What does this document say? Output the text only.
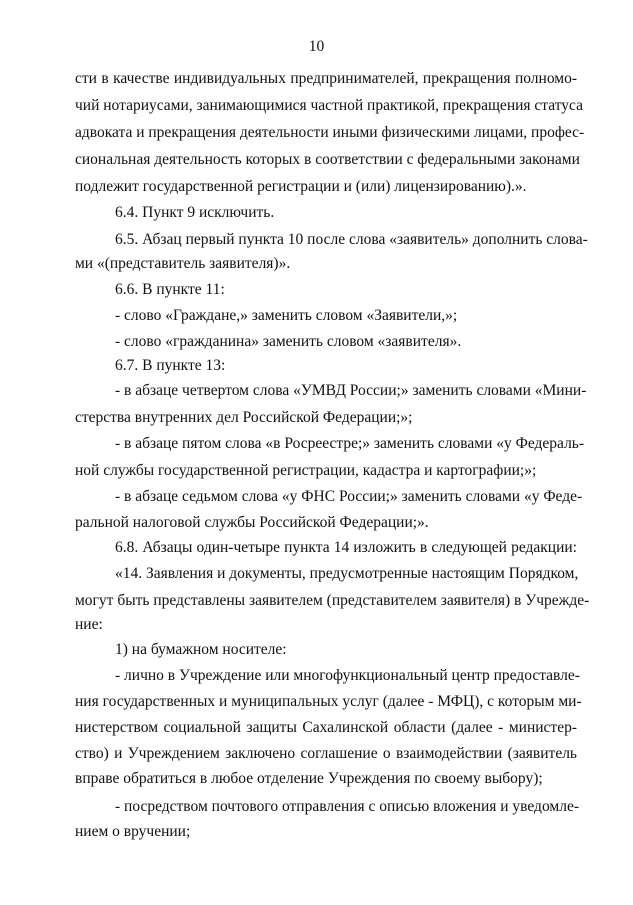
10
сти в качестве индивидуальных предпринимателей, прекращения полномо-
чий нотариусами, занимающимися частной практикой, прекращения статуса
адвоката и прекращения деятельности иными физическими лицами, профес-
сиональная деятельность которых в соответствии с федеральными законами
подлежит государственной регистрации и (или) лицензированию).».
6.4. Пункт 9 исключить.
6.5. Абзац первый пункта 10 после слова «заявитель» дополнить слова-
ми «(представитель заявителя)».
6.6. В пункте 11:
- слово «Граждане,» заменить словом «Заявители,»;
- слово «гражданина» заменить словом «заявителя».
6.7. В пункте 13:
- в абзаце четвертом слова «УМВД России;» заменить словами «Мини-
стерства внутренних дел Российской Федерации;»;
- в абзаце пятом слова «в Росреестре;» заменить словами «у Федераль-
ной службы государственной регистрации, кадастра и картографии;»;
- в абзаце седьмом слова «у ФНС России;» заменить словами «у Феде-
ральной налоговой службы Российской Федерации;».
6.8. Абзацы один-четыре пункта 14 изложить в следующей редакции:
«14. Заявления и документы, предусмотренные настоящим Порядком,
могут быть представлены заявителем (представителем заявителя) в Учрежде-
ние:
1) на бумажном носителе:
- лично в Учреждение или многофункциональный центр предоставле-
ния государственных и муниципальных услуг (далее - МФЦ), с которым ми-
нистерством социальной защиты Сахалинской области (далее - министер-
ство) и Учреждением заключено соглашение о взаимодействии (заявитель
вправе обратиться в любое отделение Учреждения по своему выбору);
- посредством почтового отправления с описью вложения и уведомле-
нием о вручении;
